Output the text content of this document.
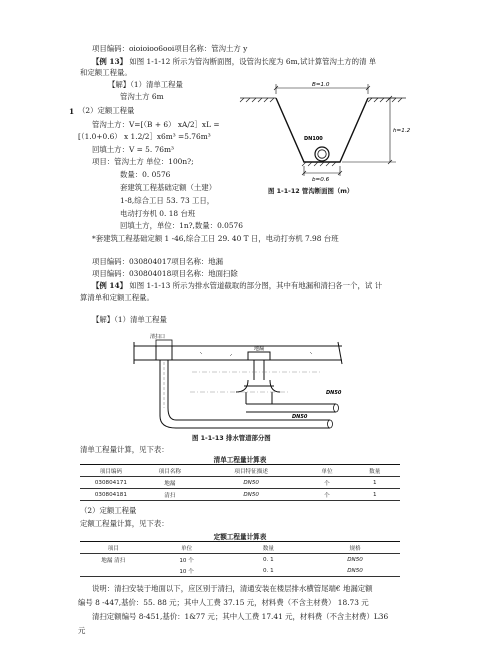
项目编码：oioioioo6ooi项目名称：管沟土方 y
【例 13】 如图 1-1-12 所示为管沟断面图，设管沟长度为 6m,试计算管沟土方的清 单
和定额工程量。
【解】（1）清单工程量
管沟土方 6m
1 （2）定额工程量
管沟土方：V=[（B + 6） xA/2］xL =
[（1.0+0.6） x 1.2/2］x6m³ =5.76m³
回填土方：V = 5. 76m³
项目：管沟土方 单位：100n?;
数量：0. 0576
套建筑工程基础定额（土建）
1-8,综合工日 53. 73 工日，
电动打夯机 0. 18 台班
回填土方，单位：1n?,数量：0.0576
*套建筑工程基础定额 1 -46,综合工日 29. 40 T 日，电动打夯机 7.98 台班
B=1.0
h=1.2
DN100
b=0.6
图 1-1-12 管沟断面图（m）
项目编码：030804017项目名称：地漏
项目编码：030804018项目名称：地面扫除
【例 14】 如图 1-1-13 所示为排水管道截取的部分图，其中有地漏和清扫各一个，试 计
算清单和定额工程量。
【解】（1）清单工程量
清扫口
地漏
DN50
DN50
图 1-1-13 排水管道部分图
清单工程量计算，见下表：
清单工程量计算表
项目编码	项目名称	项目特征描述	单位	数量
030804171	地漏	DN50	个	1
030804181	清扫	DN50	个	1
（2）定额工程量
定额工程量计算，见下表：
定额工程量计算表
项目	单位	数量	规格
地漏 清扫	10 个	0. 1	DN50
	10 个	0. 1	DN50
说明：清扫安装于地面以下，应区别于清扫，清通安装在楼层排水横管尾端€ 地漏定额
编号 8 -447,基价：55. 88 元；其中人工费 37.15 元，材料费（不含主材费） 18.73 元
清扫定额编号 8-451,基价：1&77 元；其中人工费 17.41 元，材料费（不含主材费）L36
元
